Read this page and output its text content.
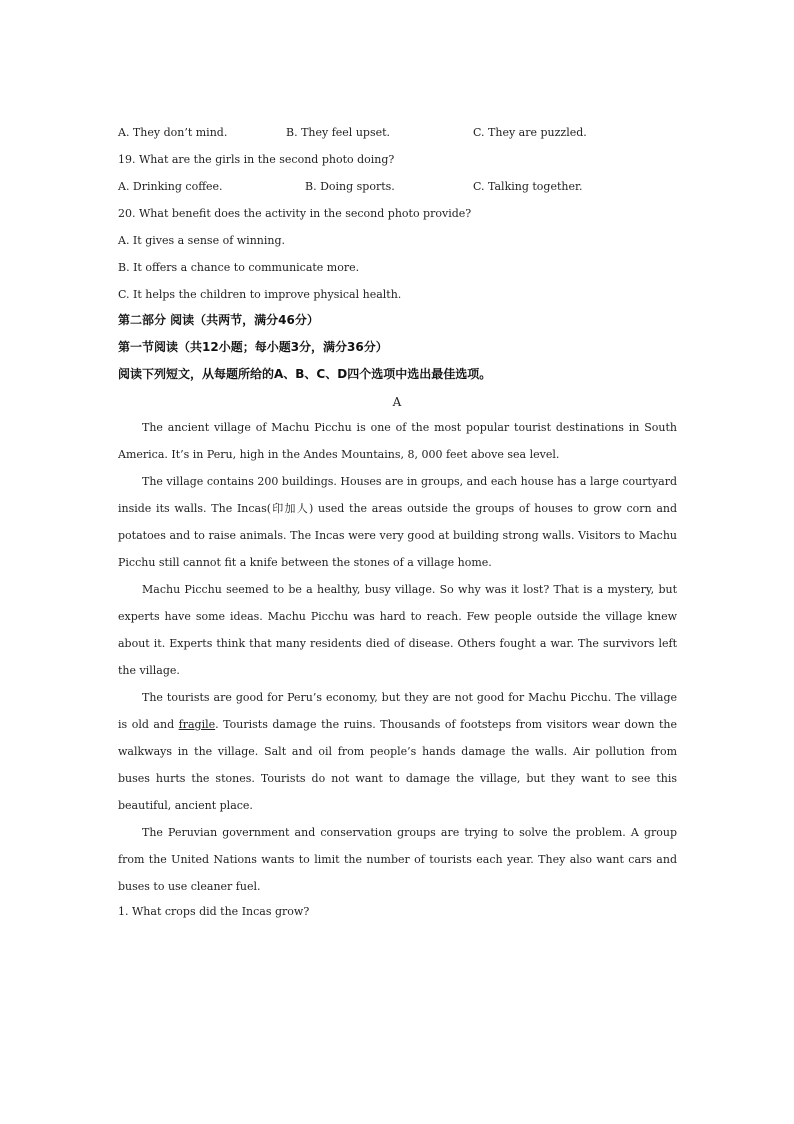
A. They don’t mind.	B. They feel upset.	C. They are puzzled.
19. What are the girls in the second photo doing?
A. Drinking coffee.	B. Doing sports.	C. Talking together.
20. What benefit does the activity in the second photo provide?
A. It gives a sense of winning.
B. It offers a chance to communicate more.
C. It helps the children to improve physical health.
第二部分 阅读（共两节，满分46分）
第一节阅读（共12小题；每小题3分，满分36分）
阅读下列短文，从每题所给的A、B、C、D四个选项中选出最佳选项。
A

The ancient village of Machu Picchu is one of the most popular tourist destinations in South America. It’s in Peru, high in the Andes Mountains, 8, 000 feet above sea level.

The village contains 200 buildings. Houses are in groups, and each house has a large courtyard inside its walls. The Incas(印加人) used the areas outside the groups of houses to grow corn and potatoes and to raise animals. The Incas were very good at building strong walls. Visitors to Machu Picchu still cannot fit a knife between the stones of a village home.

Machu Picchu seemed to be a healthy, busy village. So why was it lost? That is a mystery, but experts have some ideas. Machu Picchu was hard to reach. Few people outside the village knew about it. Experts think that many residents died of disease. Others fought a war. The survivors left the village.

The tourists are good for Peru’s economy, but they are not good for Machu Picchu. The village is old and fragile. Tourists damage the ruins. Thousands of footsteps from visitors wear down the walkways in the village. Salt and oil from people’s hands damage the walls. Air pollution from buses hurts the stones. Tourists do not want to damage the village, but they want to see this beautiful, ancient place.

The Peruvian government and conservation groups are trying to solve the problem. A group from the United Nations wants to limit the number of tourists each year. They also want cars and buses to use cleaner fuel.

1. What crops did the Incas grow?
